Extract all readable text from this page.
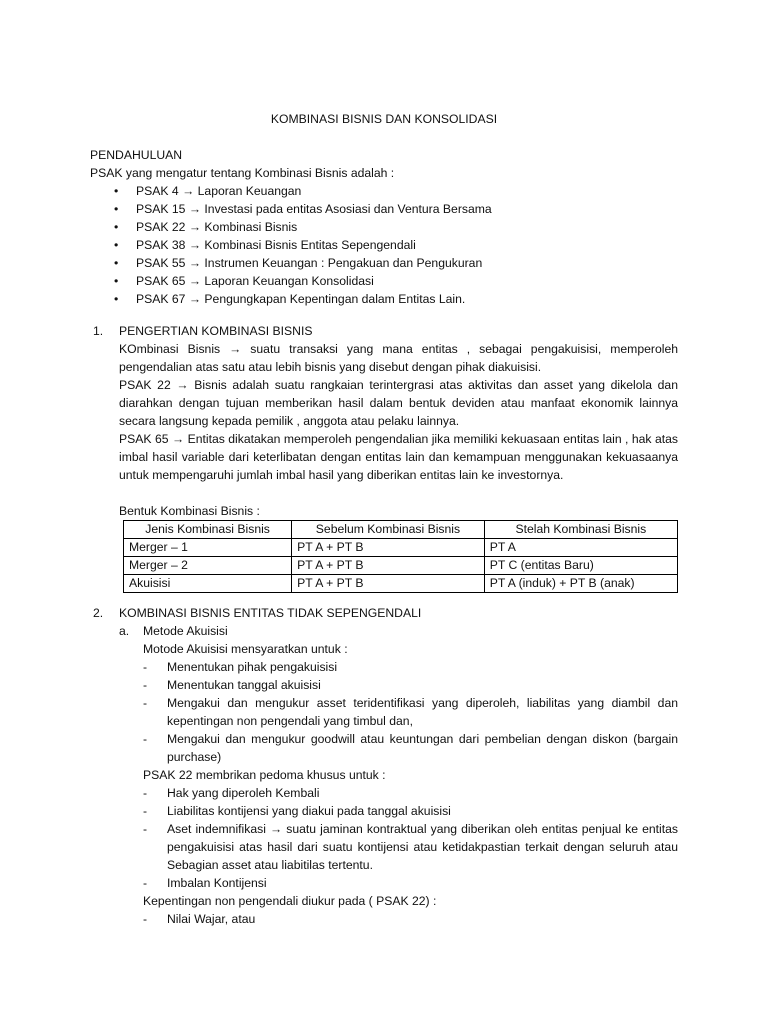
KOMBINASI BISNIS DAN KONSOLIDASI
PENDAHULUAN
PSAK yang mengatur tentang Kombinasi Bisnis adalah :
• PSAK 4 → Laporan Keuangan
• PSAK 15 → Investasi pada entitas Asosiasi dan Ventura Bersama
• PSAK 22 → Kombinasi Bisnis
• PSAK 38 → Kombinasi Bisnis Entitas Sepengendali
• PSAK 55 → Instrumen Keuangan : Pengakuan dan Pengukuran
• PSAK 65 → Laporan Keuangan Konsolidasi
• PSAK 67 → Pengungkapan Kepentingan dalam Entitas Lain.
1. PENGERTIAN KOMBINASI BISNIS

KOmbinasi Bisnis → suatu transaksi yang mana entitas , sebagai pengakuisisi, memperoleh pengendalian atas satu atau lebih bisnis yang disebut dengan pihak diakuisisi.

PSAK 22 → Bisnis adalah suatu rangkaian terintergrasi atas aktivitas dan asset yang dikelola dan diarahkan dengan tujuan memberikan hasil dalam bentuk deviden atau manfaat ekonomik lainnya secara langsung kepada pemilik , anggota atau pelaku lainnya.

PSAK 65 → Entitas dikatakan memperoleh pengendalian jika memiliki kekuasaan entitas lain , hak atas imbal hasil variable dari keterlibatan dengan entitas lain dan kemampuan menggunakan kekuasaanya untuk mempengaruhi jumlah imbal hasil yang diberikan entitas lain ke investornya.

Bentuk Kombinasi Bisnis :
Jenis Kombinasi Bisnis	Sebelum Kombinasi Bisnis	Stelah Kombinasi Bisnis
Merger – 1	PT A + PT B	PT A
Merger – 2	PT A + PT B	PT C (entitas Baru)
Akuisisi	PT A + PT B	PT A (induk) + PT B (anak)
2. KOMBINASI BISNIS ENTITAS TIDAK SEPENGENDALI
a. Metode Akuisisi
Motode Akuisisi mensyaratkan untuk :
- Menentukan pihak pengakuisisi
- Menentukan tanggal akuisisi
- Mengakui dan mengukur asset teridentifikasi yang diperoleh, liabilitas yang diambil dan kepentingan non pengendali yang timbul dan,
- Mengakui dan mengukur goodwill atau keuntungan dari pembelian dengan diskon (bargain purchase)
PSAK 22 membrikan pedoma khusus untuk :
- Hak yang diperoleh Kembali
- Liabilitas kontijensi yang diakui pada tanggal akuisisi
- Aset indemnifikasi → suatu jaminan kontraktual yang diberikan oleh entitas penjual ke entitas pengakuisisi atas hasil dari suatu kontijensi atau ketidakpastian terkait dengan seluruh atau Sebagian asset atau liabitilas tertentu.
- Imbalan Kontijensi
Kepentingan non pengendali diukur pada ( PSAK 22) :
- Nilai Wajar, atau
